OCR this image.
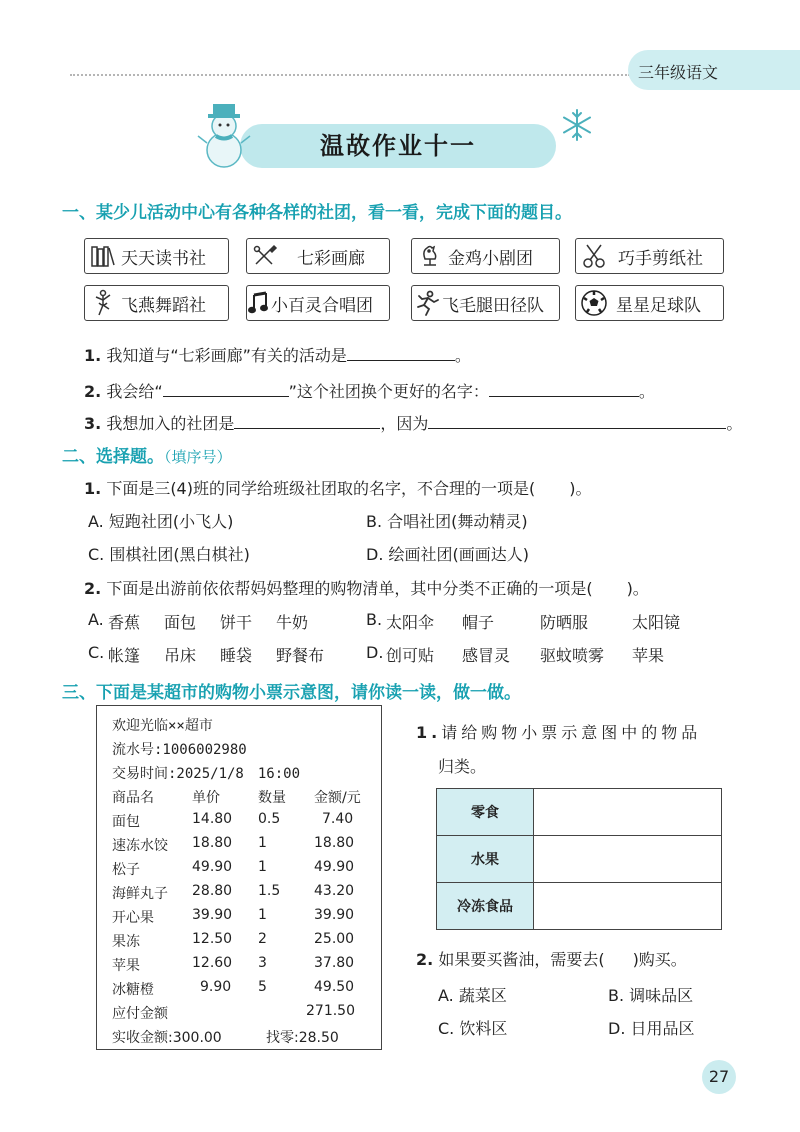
三年级语文
温故作业十一
一、某少儿活动中心有各种各样的社团，看一看，完成下面的题目。
天天读书社	七彩画廊	金鸡小剧团	巧手剪纸社
飞燕舞蹈社	小百灵合唱团	飞毛腿田径队	星星足球队
1. 我知道与“七彩画廊”有关的活动是	。
2. 我会给“	”这个社团换个更好的名字：	。
3. 我想加入的社团是	，因为	。
二、选择题。（填序号）
1. 下面是三(4)班的同学给班级社团取的名字，不合理的一项是( )。
A. 短跑社团(小飞人)	B. 合唱社团(舞动精灵)
C. 围棋社团(黑白棋社)	D. 绘画社团(画画达人)
2. 下面是出游前依依帮妈妈整理的购物清单，其中分类不正确的一项是( )。
A. 香蕉 面包 饼干 牛奶	B. 太阳伞 帽子	防晒服	太阳镜
C. 帐篷 吊床 睡袋 野餐布	D. 创可贴 感冒灵 驱蚊喷雾 苹果
三、下面是某超市的购物小票示意图，请你读一读，做一做。
欢迎光临××超市
流水号:1006002980
交易时间:2025/1/8　16:00
商品名	单价	数量 金额/元
面包	14.80 0.5	7.40
速冻水饺 18.80 1	18.80
松子	49.90 1	49.90
海鲜丸子 28.80 1.5 43.20
开心果	39.90 1	39.90
果冻	12.50 2	25.00
苹果	12.60 3	37.80
冰糖橙	9.90 5	49.50
应付金额	271.50
实收金额:300.00	找零:28.50
1.请给购物小票示意图中的物品
归类。
零食	
水果	
冷冻食品	
2. 如果要买酱油，需要去( )购买。
A. 蔬菜区	B. 调味品区
C. 饮料区	D. 日用品区
27
